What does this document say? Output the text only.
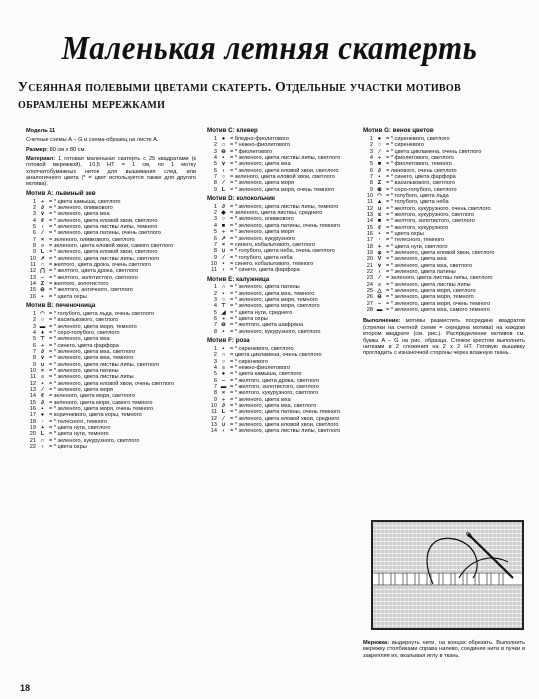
Маленькая летняя скатерть
Усеянная полевыми цветами скатерть. Отдельные участки мотивов обрамлены мережками
Модель 11
Счетные схемы А – G и схема-образец на листе А.
Размер: 80 см x 80 см.
Материал: 1 готовая маленькая скатерть с 25 квадратами (к готовой мережкой), 10,5 НТ = 1 см, по 1 мотку хлопчатобумажных ниток для вышивания след. или аналогичного цвета (* = цвет используется также для другого мотива).
Мотив А: львиный зев
1 ÷ = * цвета камыша, светлого
2 ∂ = * зеленого, оливкового
3 ∨ = * зеленого, цвета мха
4 ℓ = * зеленого, цвета еловой хвои, светлого
5 ‹ = * зеленого, цвета листвы липы, темного
6	⁄	= * зеленого, цвета патины, очень светлого
7 × = зеленого, оливкового, светлого
8 ≡ = зеленого, цвета еловой хвои, самого светлого
9 L = * зеленого, цвета еловой хвои, светлого
10 ↗ = * зеленого, цвета листвы липы, светлого
11 ∩ = желтого, цвета дрока, очень светлого
12 ⋂ = * желтого, цвета дрока, светлого
13 – = * желтого, золотистого, светлого
14 Z = желтого, золотистого
15 ⊖ = * желтого, античного, светлого
16 ▪ = * цвета охры
Мотив B: печеночница
1 ◠ = * голубого, цвета льда, очень светлого
2 ○ = * василькового, светлого
3 ▬ = * зеленого, цвета моря, темного
4 ♦ = * серо-голубого, светлого
5 ⊤ = * зеленого, цвета мха
6 ÷ = * синего, цвета фарфора
7 ∂ = * зеленого, цвета мха, светлого
8 ∨ = * зеленого, цвета мха, темного
9 ∪ = * зеленого, цвета листвы липы, светлого
10 × = * зеленого, цвета патины
11 ≡ = * зеленого, цвета листвы липы
12 • = * зеленого, цвета еловой хвои, очень светлого
13	⁄	= * зеленого, цвета моря
14 ℓ = зеленого, цвета моря, светлого
15 ∂ = зеленого, цвета моря, самого темного
16 ▪ = * зеленого, цвета моря, очень темного
17 ● = коричневого, цвета коры, темного
18 · = * телесного, темного
19 + = * цвета нуги, светлого
20 L = * цвета нуги, темного
21 ∩ = * зеленого, кукурузного, светлого
22 ‹ = * цвета охры
Мотив C: клевер
1 ● = бледно-фиолетового
2 ∩ = * нежно-фиолетового
3 ⊖ = * фиолетового
4 ▪ = * зеленого, цвета листвы липы, светлого
5 ∨ = * зеленого, цвета мха
6 ‹ = * зеленого, цвета еловой хвои, светлого
7 ○ = зеленого, цвета еловой хвои, светлого
8	⁄	= * зеленого, цвета моря
9 L = * зеленого, цвета моря, очень темного
Мотив D: колокольчик
1 ∂ = * зеленого, цвета листвы липы, темного
2 ◆ = зеленого, цвета листвы, среднего
3 ○ = * зеленого, оливкового
4 ■ = * зеленого, цвета патины, очень темного
5 ÷ = * зеленого, цвета моря
6 ↗ = * зеленого, кукурузного
7 × = синего, кобальтового, светлого
8 ∪ = * голубого, цвета неба, очень светлого
9	⁄	= * голубого, цвета неба
10 • = синего, кобальтового, темного
11 ‹ = * синего, цвета фарфора
Мотив E: калужница
1 ∩ = * зеленого, цвета патины
2 ▪ = * зеленого, цвета мха, темного
3 ○ = * зеленого, цвета моря, темного
4 ⊤ = * зеленого, цвета моря, светлого
5 ◢ = * цвета нуги, среднего
6 ÷ = * цвета охры
7 ⊖ = * желтого, цвета шафрана
8 • = * зеленого, кукурузного, светлого
Мотив F: роза
1 ▪ = * сиреневого, светлого
2 ∩ = цвета цикламена, очень светлого
3 ○ = * сиреневого
4 ≡ = * нежно-фиолетового
5 ● = * цвета камыша, светлого
6 – = * желтого, цвета дрока, светлого
7 ▬ = * желтого, золотистого, светлого
8 × = * желтого, кукурузного, светлого
9 ÷ = * зеленого, цвета мха
10 ∂ = * зеленого, цвета мха, светлого
11 L = * зеленого, цвета патины, очень темного
12	⁄	= * зеленого, цвета еловой хвои, среднего
13 ∪ = * зеленого, цвета еловой хвои, светлого
14 ‹ = * зеленого, цвета листвы липы, светлого
Мотив G: венок цветов
1 ● = * сиреневого, светлого
2 ○ = * сиреневого
3	⁄	= * цвета цикламена, очень светлого
4 ÷ = * фиолетового, светлого
5 ■ = * фиолетового, темного
6 ∂ = линового, очень светлого
7 ▪ = * синего, цвета фарфора
8 Z = * василькового, светлого
9 ⊕ = * серо-голубого, светлого
10 ◠ = * голубого, цвета льда
11 ▲ = * голубого, цвета неба
12 ∪ = * желтого, кукурузного, очень светлого
13 ≤ = * желтого, кукурузного, светлого
14 ■ = * желтого, золотистого, светлого
15 ℓ = * желтого, кукурузного
16 ▪ = * цвета охры
17 · = * телесного, темного
18 + = * цвета нуги, светлого
19 φ = * зеленого, цвета еловой хвои, светлого
20 V = * зеленого, цвета мха
21 ∨ = * зеленого, цвета мха, светлого
22 ‹ = * зеленого, цвета патины
23	⁄	= зеленого, цвета листвы липы, светлого
24 ≡ = * зеленого, цвета листвы липы
25 △ = * зеленого, цвета моря, светлого
26 ⊖ = * зеленого, цвета моря, темного
27 – = * зеленого, цвета моря, очень темного
28 ▬ = * зеленого, цвета мха, самого темного
Выполнение: мотивы разместить посредине квадратов (стрелки на счетной схеме = середина мотива) на каждом втором квадрате (см. рис.). Распределение мотивов см. буквы A – G на рис. образца. Стежок крестом выполнить нитками в 2 сложения на 2 x 2 НТ. Готовую вышивку прогладить с изнаночной стороны через влажную ткань.
Мережка: выдернуть нити, на концах обрезать. Выполнить мережку столбиками справа налево, соединяя нити в пучки и закрепляя их, вкалывая иглу в ткань.
18
